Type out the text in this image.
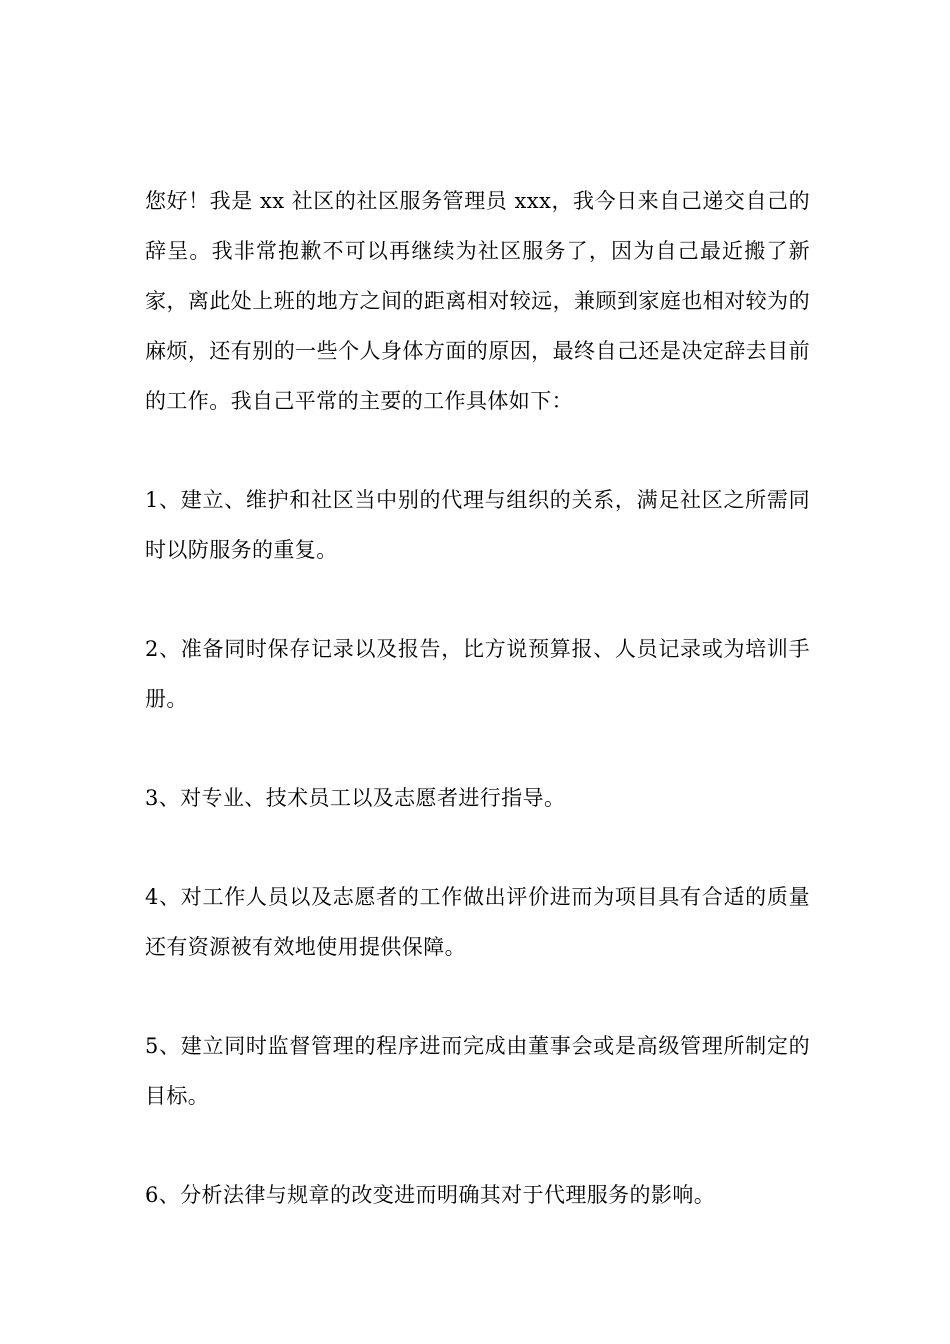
您好！我是 xx 社区的社区服务管理员 xxx，我今日来自己递交自己的辞呈。我非常抱歉不可以再继续为社区服务了，因为自己最近搬了新家，离此处上班的地方之间的距离相对较远，兼顾到家庭也相对较为的麻烦，还有别的一些个人身体方面的原因，最终自己还是决定辞去目前的工作。我自己平常的主要的工作具体如下：

1、建立、维护和社区当中别的代理与组织的关系，满足社区之所需同时以防服务的重复。

2、准备同时保存记录以及报告，比方说预算报、人员记录或为培训手册。

3、对专业、技术员工以及志愿者进行指导。

4、对工作人员以及志愿者的工作做出评价进而为项目具有合适的质量还有资源被有效地使用提供保障。

5、建立同时监督管理的程序进而完成由董事会或是高级管理所制定的目标。

6、分析法律与规章的改变进而明确其对于代理服务的影响。
